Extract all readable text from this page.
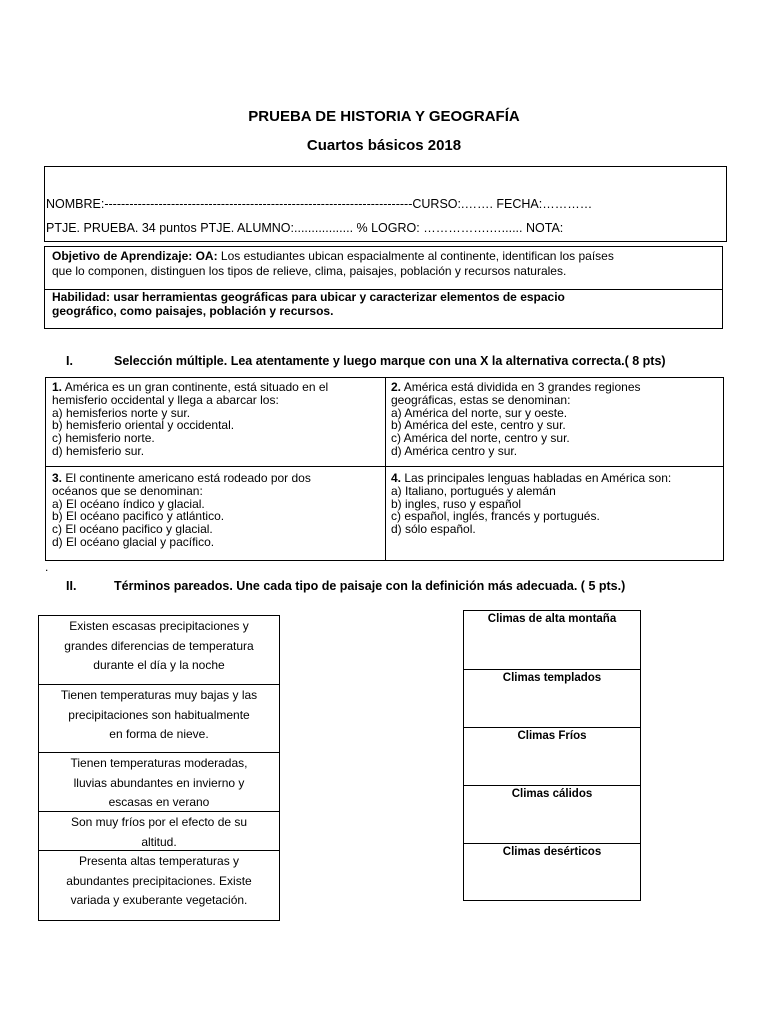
PRUEBA DE HISTORIA Y GEOGRAFÍA
Cuartos básicos 2018
NOMBRE:--------------------------------------------------------------------------CURSO:.……. FECHA:…………
PTJE. PRUEBA. 34 puntos PTJE. ALUMNO:................. % LOGRO: …………….…...... NOTA:
Objetivo de Aprendizaje: OA: Los estudiantes ubican espacialmente al continente, identifican los países
que lo componen, distinguen los tipos de relieve, clima, paisajes, población y recursos naturales.
Habilidad: usar herramientas geográficas para ubicar y caracterizar elementos de espacio
geográfico, como paisajes, población y recursos.
I.	Selección múltiple. Lea atentamente y luego marque con una X la alternativa correcta.( 8 pts)
1. América es un gran continente, está situado en el
hemisferio occidental y llega a abarcar los:
a) hemisferios norte y sur.
b) hemisferio oriental y occidental.
c) hemisferio norte.
d) hemisferio sur.
2. América está dividida en 3 grandes regiones
geográficas, estas se denominan:
a) América del norte, sur y oeste.
b) América del este, centro y sur.
c) América del norte, centro y sur.
d) América centro y sur.
3. El continente americano está rodeado por dos
océanos que se denominan:
a) El océano índico y glacial.
b) El océano pacifico y atlántico.
c) El océano pacifico y glacial.
d) El océano glacial y pacífico.
4. Las principales lenguas habladas en América son:
a) Italiano, portugués y alemán
b) ingles, ruso y español
c) español, inglés, francés y portugués.
d) sólo español.
.
II.	Términos pareados. Une cada tipo de paisaje con la definición más adecuada. ( 5 pts.)
Existen escasas precipitaciones y
grandes diferencias de temperatura
durante el día y la noche
Tienen temperaturas muy bajas y las
precipitaciones son habitualmente
en forma de nieve.
Tienen temperaturas moderadas,
lluvias abundantes en invierno y
escasas en verano
Son muy fríos por el efecto de su
altitud.
Presenta altas temperaturas y
abundantes precipitaciones. Existe
variada y exuberante vegetación.
Climas de alta montaña
Climas templados
Climas Fríos
Climas cálidos
Climas desérticos
